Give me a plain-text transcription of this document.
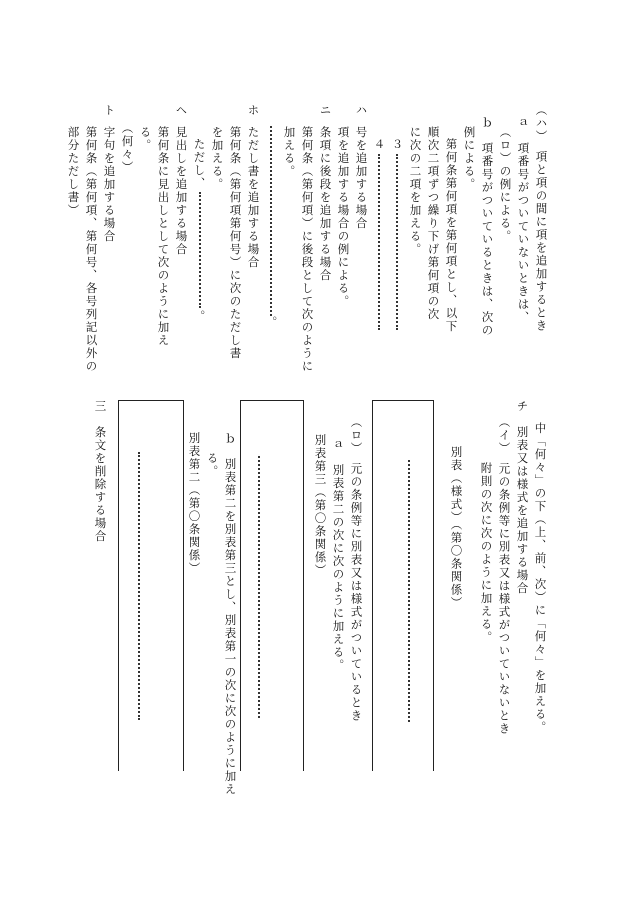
（ハ）　項と項の間に項を追加するとき
ａ　項番号がついていないときは、
（ロ）の例による。
ｂ　項番号がついているときは、次の
例による。
第何条第何項を第何項とし、以下
順次二項ずつ繰り下げ第何項の次
に次の二項を加える。
３
４
ハ
号を追加する場合
項を追加する場合の例による。
ニ
条項に後段を追加する場合
第何条（第何項）に後段として次のように
加える。
。
ホ
ただし書を追加する場合
第何条（第何項第何号）に次のただし書
を加える。
ただし、
。
ヘ
見出しを追加する場合
第何条に見出しとして次のように加え
る。
（何々）
ト
字句を追加する場合
第何条（第何項、第何号、各号列記以外の
部分ただし書）
中「何々」の下（上、前、次）に「何々」を加える。
チ　別表又は様式を追加する場合
（イ）　元の条例等に別表又は様式がついていないとき
附則の次に次のように加える。
別表（様式）（第〇条関係）
（ロ）　元の条例等に別表又は様式がついているとき
ａ　別表第二の次に次のように加える。
別表第三（第〇条関係）
ｂ　別表第二を別表第三とし、別表第一の次に次のように加え
る。
別表第二（第〇条関係）
三　条文を削除する場合
